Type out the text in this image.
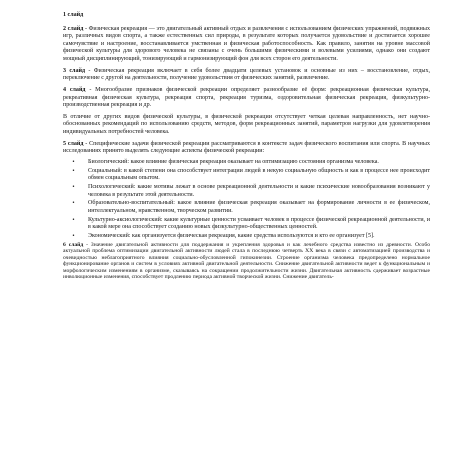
1 слайд

2 слайд - Физическая рекреация — это двигательный активный отдых и развлечения с использованием физических упражнений, подвижных игр, различных видов спорта, а также естественных сил природы, в результате которых получается удовольствие и достигается хорошее самочувствие и настроение, восстанавливается умственная и физическая работоспособность. Как правило, занятия на уровне массовой физической культуры для здорового человека не связаны с очень большими физическими и волевыми усилиями, однако они создают мощный дисциплинирующий, тонизирующий и гармонизирующий фон для всех сторон его деятельности.

3 слайд - Физическая рекреация включает в себя более двадцати целевых установок и основные из них – восстановление, отдых, переключение с другой на деятельности, получение удовольствия от физических занятий, развлечение.

4 слайд - Многообразие признаков физической рекреации определяет разнообразие её форм: рекреационная физическая культура, рекреативная физическая культура, рекреация спорта, рекреация туризма, оздоровительная физическая рекреация, физкультурно-производственная рекреация и др.

В отличие от других видов физической культуры, в физической рекреации отсутствует четкая целевая направленность, нет научно-обоснованных рекомендаций по использованию средств, методов, форм рекреационных занятий, параметров нагрузки для удовлетворения индивидуальных потребностей человека.

5 слайд - Специфические задачи физической рекреации рассматриваются в контексте задач физического воспитания или спорта. В научных исследованиях принято выделять следующие аспекты физической рекреации:

• Биологический: какое влияние физическая рекреация оказывает на оптимизацию состояния организма человека.
• Социальный: в какой степени она способствует интеграции людей в некую социальную общность и как в процессе нее происходит обмен социальным опытом.
• Психологический: какие мотивы лежат в основе рекреационной деятельности и какие психические новообразования возникают у человека в результате этой деятельности.
• Образовательно-воспитательный: какое влияние физическая рекреация оказывает на формирование личности в ее физическом, интеллектуальном, нравственном, творческом развитии.
• Культурно-аксиологический: какие культурные ценности усваивает человек в процессе физической рекреационной деятельности, и в какой мере она способствует созданию новых физкультурно-общественных ценностей.
• Экономический: как организуется физическая рекреация, какие средства используются и кто ее организует [5].

6 слайд - Значение двигательной активности для поддержания и укрепления здоровья и как лечебного средства известно из древности. Особо актуальной проблема оптимизации двигательной активности людей стала в последнюю четверть XX века в связи с автоматизацией производства и очевидностью неблагоприятного влияния социально-обусловленной гипокинезии. Строение организма человека предопределено нормальное функционирование органов и систем в условиях активной двигательной деятельности. Снижение двигательной активности ведет к функциональным и морфологическим изменениям в организме, сказываясь на сокращении продолжительности жизни. Двигательная активность сдерживает возрастные инволюционные изменения, способствует продлению периода активной творческой жизни. Снижение двигатель-
